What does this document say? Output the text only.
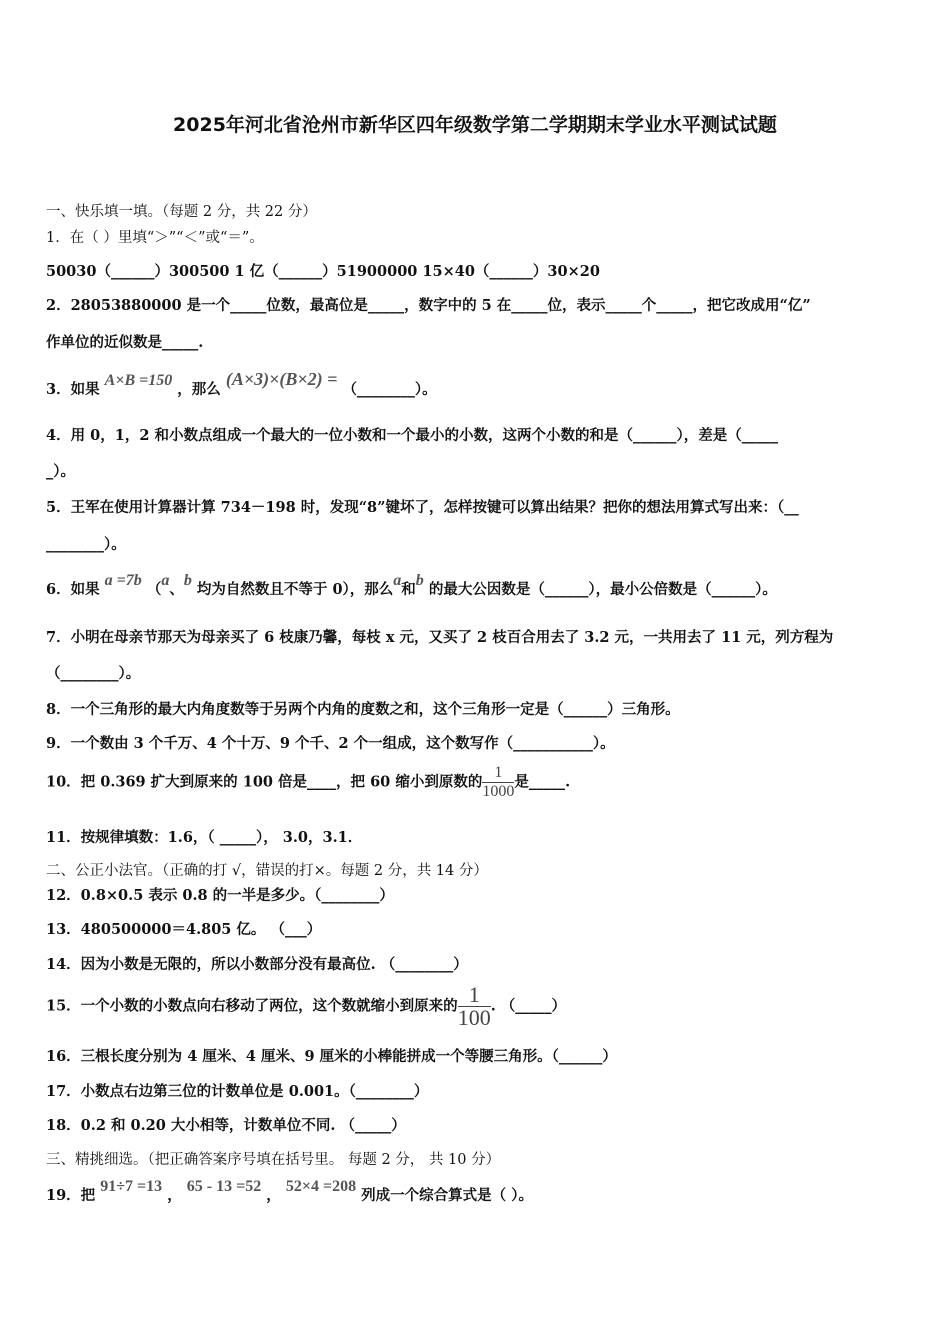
2025年河北省沧州市新华区四年级数学第二学期期末学业水平测试试题
一、快乐填一填。（每题 2 分，共 22 分）
1．在（ ）里填“＞”“＜”或“＝”。
50030（______）300500 1 亿（______）51900000 15×40（______）30×20
2．28053880000 是一个_____位数，最高位是_____，数字中的 5 在_____位，表示_____个_____，把它改成用“亿”
作单位的近似数是_____.
3．如果 A×B =150 ，那么 (A×3)×(B×2) = （________）。
4．用 0，1，2 和小数点组成一个最大的一位小数和一个最小的小数，这两个小数的和是（______），差是（_____
_）。
5．王军在使用计算器计算 734－198 时，发现“8”键坏了，怎样按键可以算出结果？把你的想法用算式写出来：（__
________）。
6．如果 a =7b （a、b 均为自然数且不等于 0），那么a和b 的最大公因数是（______），最小公倍数是（______）。
7．小明在母亲节那天为母亲买了 6 枝康乃馨，每枝 x 元，又买了 2 枝百合用去了 3.2 元，一共用去了 11 元，列方程为
（________）。
8．一个三角形的最大内角度数等于另两个内角的度数之和，这个三角形一定是（______）三角形。
9．一个数由 3 个千万、4 个十万、9 个千、2 个一组成，这个数写作（___________）。
10．把 0.369 扩大到原来的 100 倍是____，把 60 缩小到原数的 $\frac{1}{1000}$ 是_____.
11．按规律填数：1.6，（ _____）， 3.0，3.1．
二、公正小法官。（正确的打 √，错误的打×。每题 2 分，共 14 分）
12．0.8×0.5 表示 0.8 的一半是多少。（________）
13．480500000＝4.805 亿。 （___）
14．因为小数是无限的，所以小数部分没有最高位. （________）
15．一个小数的小数点向右移动了两位，这个数就缩小到原来的 $\frac{1}{100}$ . （_____）
16．三根长度分别为 4 厘米、4 厘米、9 厘米的小棒能拼成一个等腰三角形。（______）
17．小数点右边第三位的计数单位是 0.001。（________）
18．0.2 和 0.20 大小相等，计数单位不同. （_____）
三、精挑细选。（把正确答案序号填在括号里。 每题 2 分， 共 10 分）
19．把 91÷7 =13 ， 65 - 13 =52 ， 52×4 =208 列成一个综合算式是（ ）。
